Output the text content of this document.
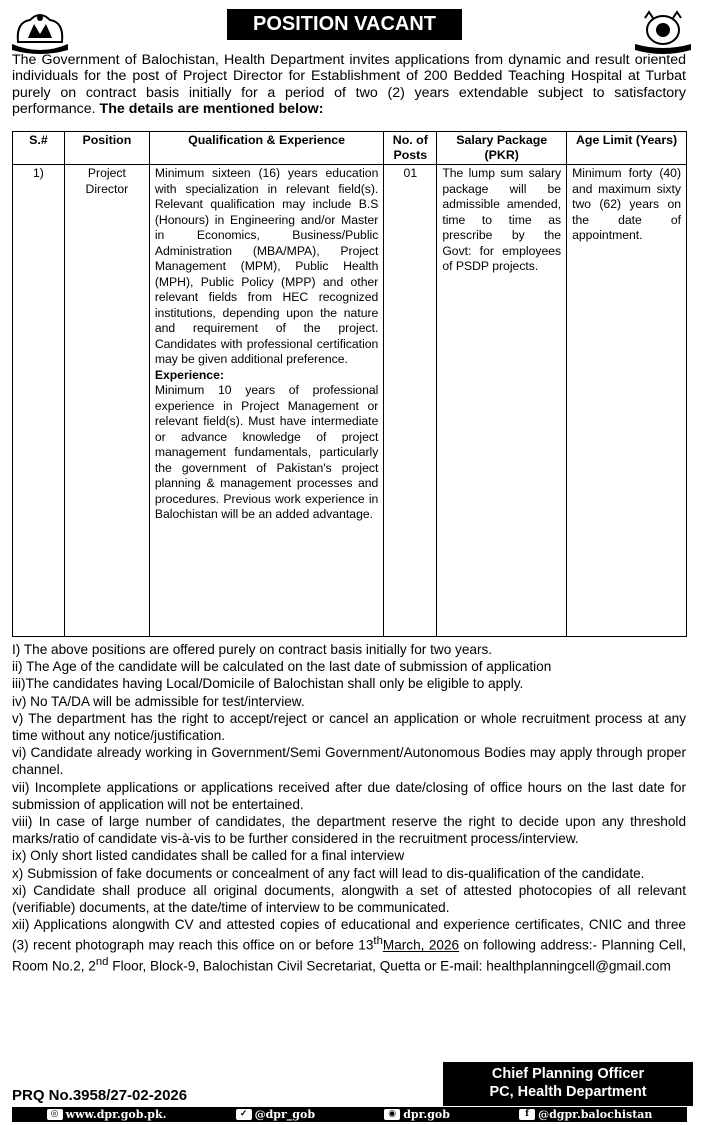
POSITION VACANT
The Government of Balochistan, Health Department invites applications from dynamic and result oriented individuals for the post of Project Director for Establishment of 200 Bedded Teaching Hospital at Turbat purely on contract basis initially for a period of two (2) years extendable subject to satisfactory performance. The details are mentioned below:
S.#	Position	Qualification & Experience	No. of Posts	Salary Package (PKR)	Age Limit (Years)
1)	Project Director	Minimum sixteen (16) years education with specialization in relevant field(s). Relevant qualification may include B.S (Honours) in Engineering and/or Master in Economics, Business/Public Administration (MBA/MPA), Project Management (MPM), Public Health (MPH), Public Policy (MPP) and other relevant fields from HEC recognized institutions, depending upon the nature and requirement of the project. Candidates with professional certification may be given additional preference.
Experience:
Minimum 10 years of professional experience in Project Management or relevant field(s). Must have intermediate or advance knowledge of project management fundamentals, particularly the government of Pakistan's project planning & management processes and procedures. Previous work experience in Balochistan will be an added advantage.	01	The lump sum salary package will be admissible amended, time to time as prescribe by the Govt: for employees of PSDP projects.	Minimum forty (40) and maximum sixty two (62) years on the date of appointment.

I) The above positions are offered purely on contract basis initially for two years.

ii) The Age of the candidate will be calculated on the last date of submission of application

iii)The candidates having Local/Domicile of Balochistan shall only be eligible to apply.

iv) No TA/DA will be admissible for test/interview.

v) The department has the right to accept/reject or cancel an application or whole recruitment process at any time without any notice/justification.

vi) Candidate already working in Government/Semi Government/Autonomous Bodies may apply through proper channel.

vii) Incomplete applications or applications received after due date/closing of office hours on the last date for submission of application will not be entertained.

viii) In case of large number of candidates, the department reserve the right to decide upon any threshold marks/ratio of candidate vis-à-vis to be further considered in the recruitment process/interview.

ix) Only short listed candidates shall be called for a final interview

x) Submission of fake documents or concealment of any fact will lead to dis-qualification of the candidate.

xi) Candidate shall produce all original documents, alongwith a set of attested photocopies of all relevant (verifiable) documents, at the date/time of interview to be communicated.

xii) Applications alongwith CV and attested copies of educational and experience certificates, CNIC and three (3) recent photograph may reach this office on or before 13thMarch, 2026 on following address:- Planning Cell, Room No.2, 2nd Floor, Block-9, Balochistan Civil Secretariat, Quetta or E-mail: healthplanningcell@gmail.com

Chief Planning Officer
PC, Health Department
PRQ No.3958/27-02-2026
◎ www.dpr.gob.pk.	✓ @dpr_gob	◉ dpr.gob	f @dgpr.balochistan
